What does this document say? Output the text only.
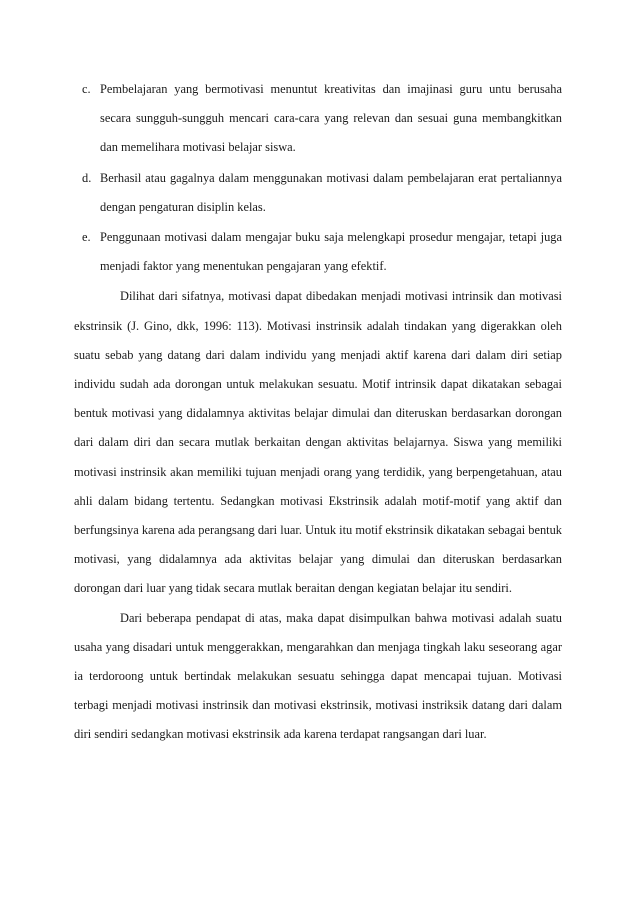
c. Pembelajaran yang bermotivasi menuntut kreativitas dan imajinasi guru untu berusaha secara sungguh-sungguh mencari cara-cara yang relevan dan sesuai guna membangkitkan dan memelihara motivasi belajar siswa.
d. Berhasil atau gagalnya dalam menggunakan motivasi dalam pembelajaran erat pertaliannya dengan pengaturan disiplin kelas.
e. Penggunaan motivasi dalam mengajar buku saja melengkapi prosedur mengajar, tetapi juga menjadi faktor yang menentukan pengajaran yang efektif.

Dilihat dari sifatnya, motivasi dapat dibedakan menjadi motivasi intrinsik dan motivasi ekstrinsik (J. Gino, dkk, 1996: 113). Motivasi instrinsik adalah tindakan yang digerakkan oleh suatu sebab yang datang dari dalam individu yang menjadi aktif karena dari dalam diri setiap individu sudah ada dorongan untuk melakukan sesuatu. Motif intrinsik dapat dikatakan sebagai bentuk motivasi yang didalamnya aktivitas belajar dimulai dan diteruskan berdasarkan dorongan dari dalam diri dan secara mutlak berkaitan dengan aktivitas belajarnya. Siswa yang memiliki motivasi instrinsik akan memiliki tujuan menjadi orang yang terdidik, yang berpengetahuan, atau ahli dalam bidang tertentu. Sedangkan motivasi Ekstrinsik adalah motif-motif yang aktif dan berfungsinya karena ada perangsang dari luar. Untuk itu motif ekstrinsik dikatakan sebagai bentuk motivasi, yang didalamnya ada aktivitas belajar yang dimulai dan diteruskan berdasarkan dorongan dari luar yang tidak secara mutlak beraitan dengan kegiatan belajar itu sendiri.

Dari beberapa pendapat di atas, maka dapat disimpulkan bahwa motivasi adalah suatu usaha yang disadari untuk menggerakkan, mengarahkan dan menjaga tingkah laku seseorang agar ia terdoroong untuk bertindak melakukan sesuatu sehingga dapat mencapai tujuan. Motivasi terbagi menjadi motivasi instrinsik dan motivasi ekstrinsik, motivasi instriksik datang dari dalam diri sendiri sedangkan motivasi ekstrinsik ada karena terdapat rangsangan dari luar.
